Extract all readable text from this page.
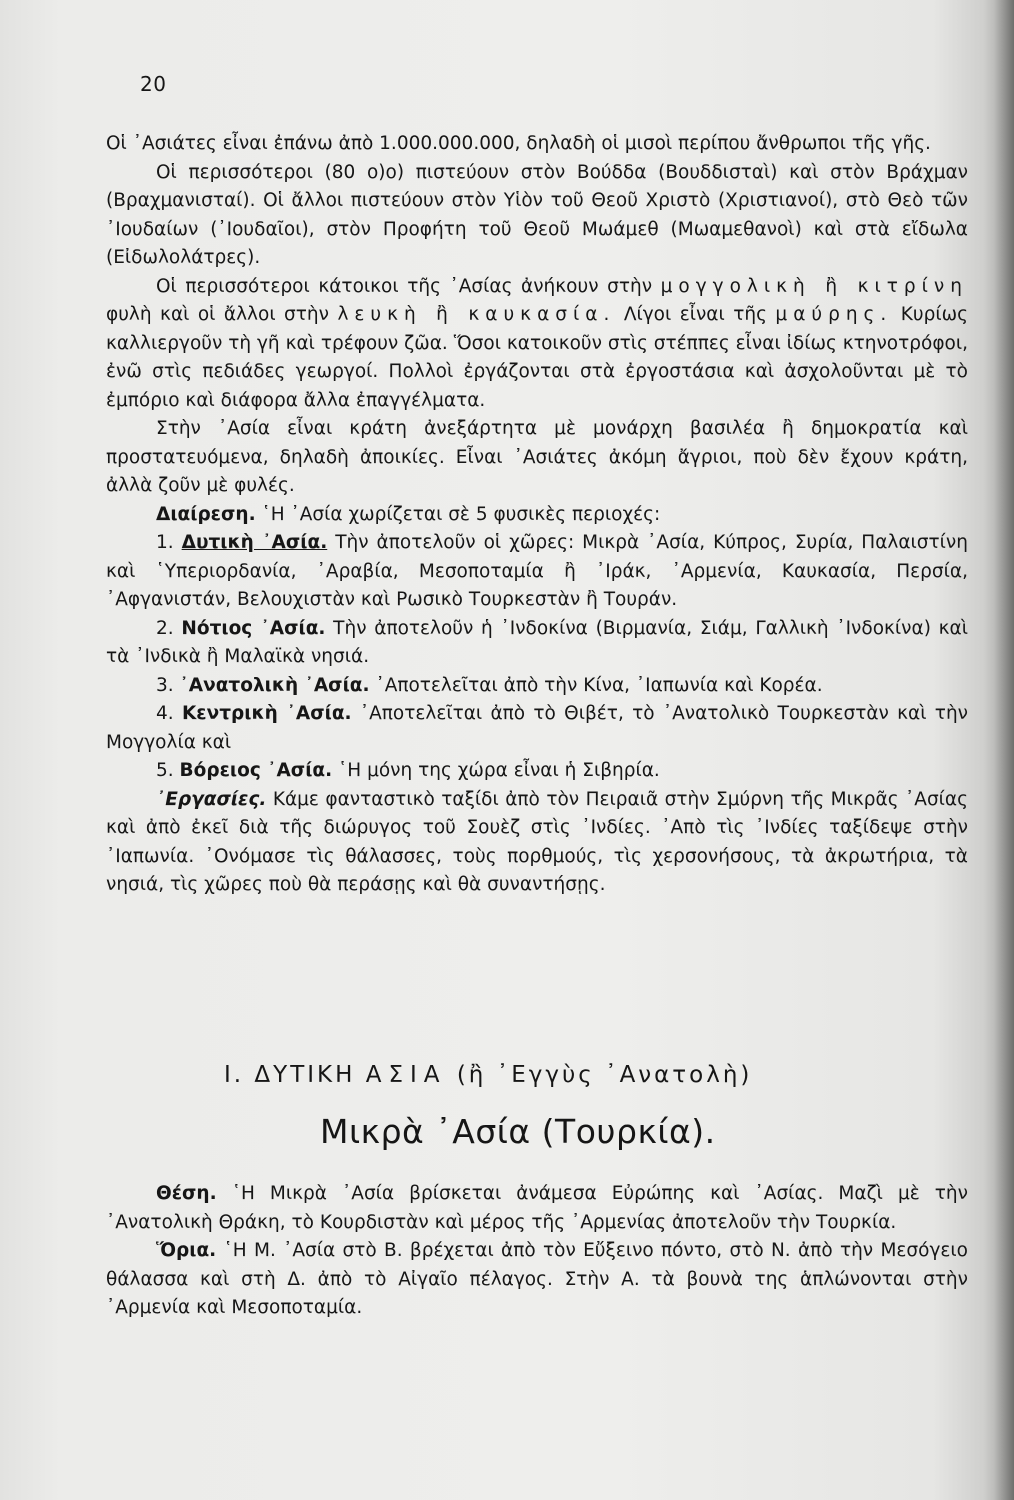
20

Οἱ ᾽Ασιάτες εἶναι ἐπάνω ἀπὸ 1.000.000.000, δηλαδὴ οἱ μισοὶ περίπου ἄνθρωποι τῆς γῆς.

Οἱ περισσότεροι (80 ο)ο) πιστεύουν στὸν Βούδδα (Βουδδισταὶ) καὶ στὸν Βράχμαν (Βραχμανισταί). Οἱ ἄλλοι πιστεύουν στὸν Υἱὸν τοῦ Θεοῦ Χριστὸ (Χριστιανοί), στὸ Θεὸ τῶν ᾽Ιουδαίων (᾽Ιουδαῖοι), στὸν Προφήτη τοῦ Θεοῦ Μωάμεθ (Μωαμεθανοὶ) καὶ στὰ εἴδωλα (Εἰδωλολάτρες).

Οἱ περισσότεροι κάτοικοι τῆς ᾽Ασίας ἀνήκουν στὴν μογγολικὴ ἢ κιτρίνη φυλὴ καὶ οἱ ἄλλοι στὴν λευκὴ ἢ καυκασία. Λίγοι εἶναι τῆς μαύρης. Κυρίως καλλιεργοῦν τὴ γῆ καὶ τρέφουν ζῶα. Ὅσοι κατοικοῦν στὶς στέππες εἶναι ἰδίως κτηνοτρόφοι, ἐνῶ στὶς πεδιάδες γεωργοί. Πολλοὶ ἐργάζονται στὰ ἐργοστάσια καὶ ἀσχολοῦνται μὲ τὸ ἐμπόριο καὶ διάφορα ἄλλα ἐπαγγέλματα.

Στὴν ᾽Ασία εἶναι κράτη ἀνεξάρτητα μὲ μονάρχη βασιλέα ἢ δημοκρατία καὶ προστατευόμενα, δηλαδὴ ἀποικίες. Εἶναι ᾽Ασιάτες ἀκόμη ἄγριοι, ποὺ δὲν ἔχουν κράτη, ἀλλὰ ζοῦν μὲ φυλές.

Διαίρεση. ῾Η ᾽Ασία χωρίζεται σὲ 5 φυσικὲς περιοχές:

1. Δυτικὴ ᾽Ασία. Τὴν ἀποτελοῦν οἱ χῶρες: Μικρὰ ᾽Ασία, Κύπρος, Συρία, Παλαιστίνη καὶ ῾Υπεριορδανία, ᾽Αραβία, Μεσοποταμία ἢ ᾽Ιράκ, ᾽Αρμενία, Καυκασία, Περσία, ᾽Αφγανιστάν, Βελουχιστὰν καὶ Ρωσικὸ Τουρκεστὰν ἢ Τουράν.

2. Νότιος ᾽Ασία. Τὴν ἀποτελοῦν ἡ ᾽Ινδοκίνα (Βιρμανία, Σιάμ, Γαλλικὴ ᾽Ινδοκίνα) καὶ τὰ ᾽Ινδικὰ ἢ Μαλαϊκὰ νησιά.

3. ᾽Ανατολικὴ ᾽Ασία. ᾽Αποτελεῖται ἀπὸ τὴν Κίνα, ᾽Ιαπωνία καὶ Κορέα.

4. Κεντρικὴ ᾽Ασία. ᾽Αποτελεῖται ἀπὸ τὸ Θιβέτ, τὸ ᾽Ανατολικὸ Τουρκεστὰν καὶ τὴν Μογγολία καὶ

5. Βόρειος ᾽Ασία. ῾Η μόνη της χώρα εἶναι ἡ Σιβηρία.

᾽Εργασίες. Κάμε φανταστικὸ ταξίδι ἀπὸ τὸν Πειραιᾶ στὴν Σμύρνη τῆς Μικρᾶς ᾽Ασίας καὶ ἀπὸ ἐκεῖ διὰ τῆς διώρυγος τοῦ Σουὲζ στὶς ᾽Ινδίες. ᾽Απὸ τὶς ᾽Ινδίες ταξίδεψε στὴν ᾽Ιαπωνία. ᾽Ονόμασε τὶς θάλασσες, τοὺς πορθμούς, τὶς χερσονήσους, τὰ ἀκρωτήρια, τὰ νησιά, τὶς χῶρες ποὺ θὰ περάσῃς καὶ θὰ συναντήσῃς.

Ι. ΔΥΤΙΚΗ ΑΣΙΑ (ἢ ᾽Εγγὺς ᾽Ανατολὴ)
Μικρὰ ᾽Ασία (Τουρκία).

Θέση. ῾Η Μικρὰ ᾽Ασία βρίσκεται ἀνάμεσα Εὐρώπης καὶ ᾽Ασίας. Μαζὶ μὲ τὴν ᾽Ανατολικὴ Θράκη, τὸ Κουρδιστὰν καὶ μέρος τῆς ᾽Αρμενίας ἀποτελοῦν τὴν Τουρκία.

Ὅρια. ῾Η Μ. ᾽Ασία στὸ Β. βρέχεται ἀπὸ τὸν Εὔξεινο πόντο, στὸ Ν. ἀπὸ τὴν Μεσόγειο θάλασσα καὶ στὴ Δ. ἀπὸ τὸ Αἰγαῖο πέλαγος. Στὴν Α. τὰ βουνὰ της ἁπλώνονται στὴν ᾽Αρμενία καὶ Μεσοποταμία.
